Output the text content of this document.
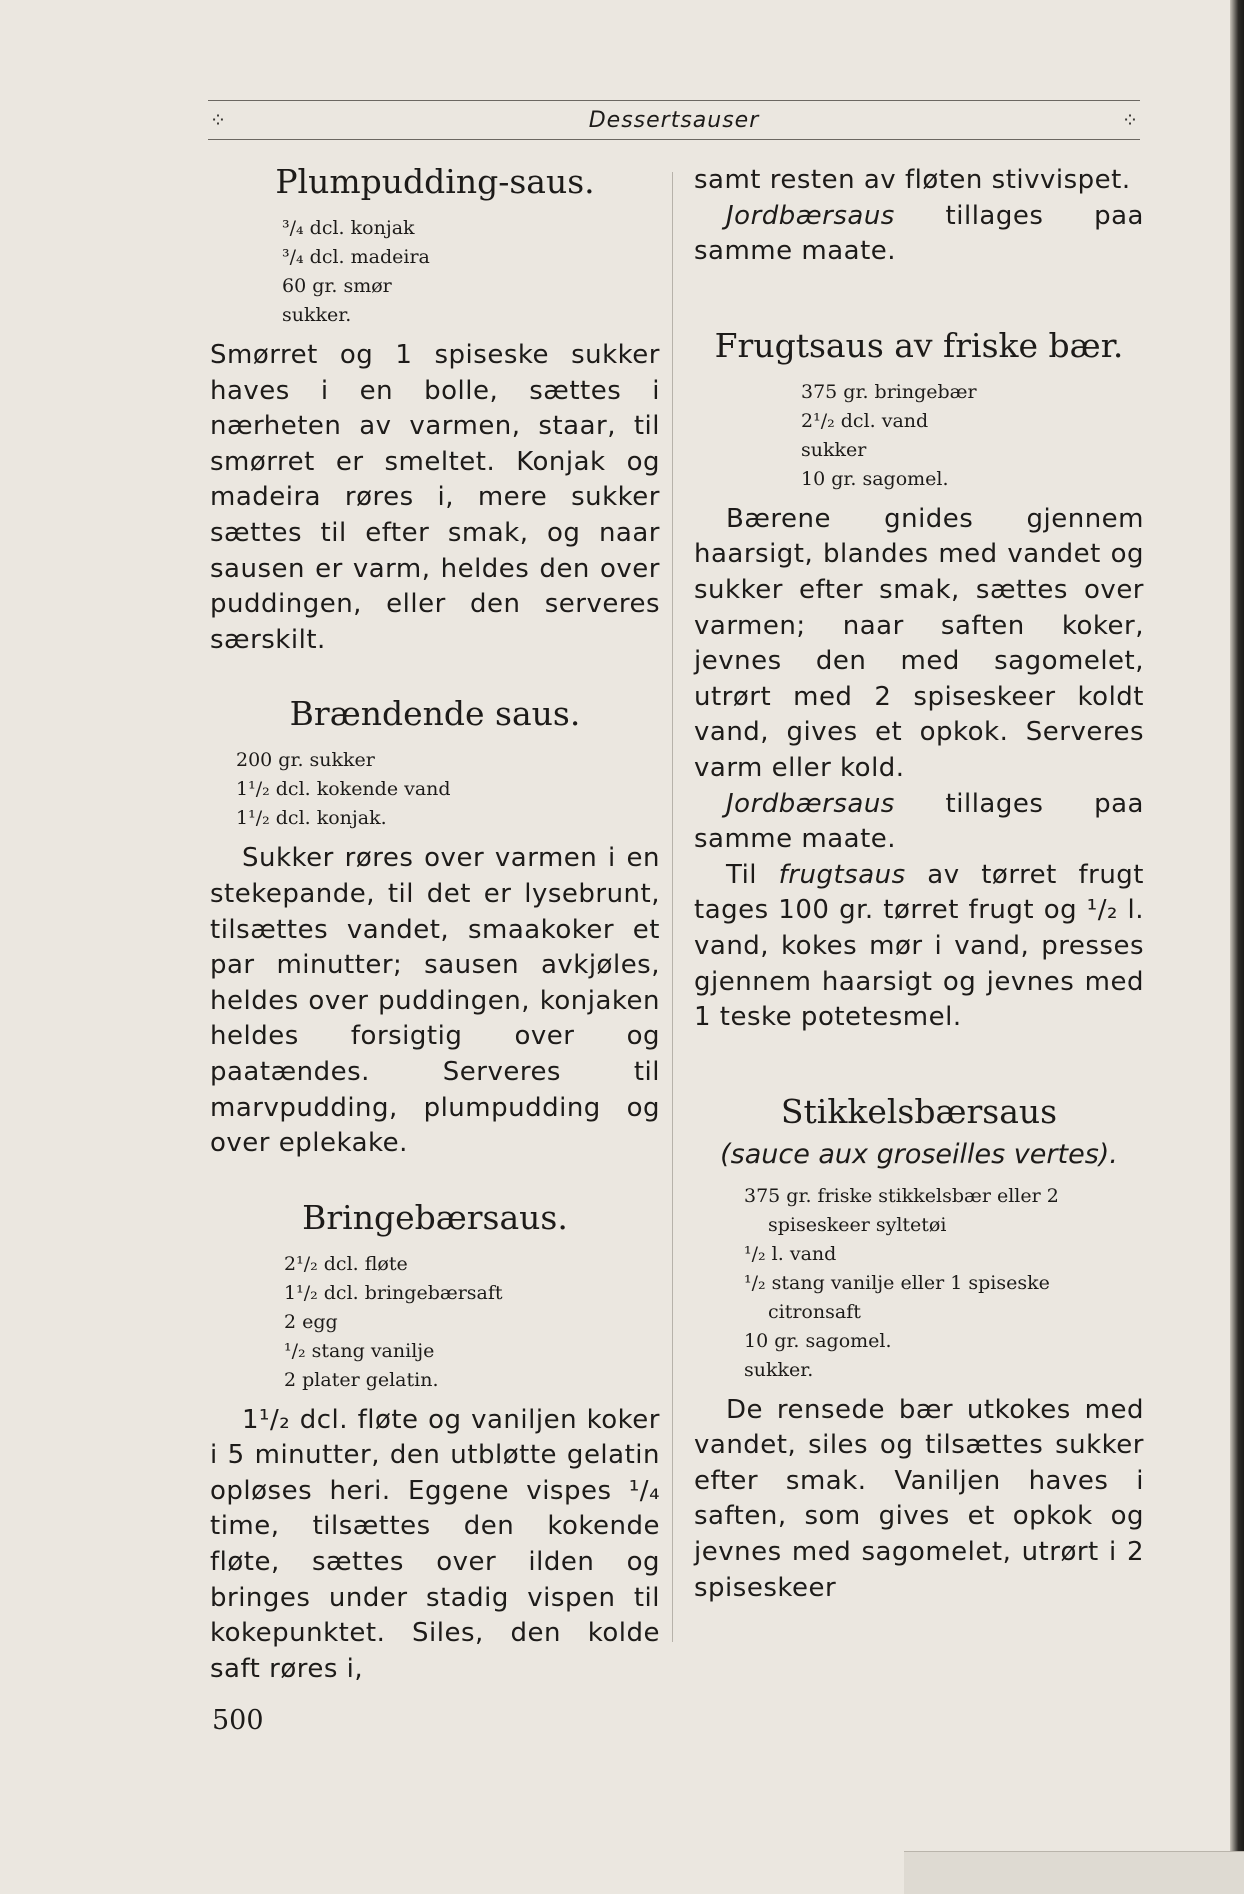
⁘	Dessertsauser	⁘
Plumpudding-saus.
³/₄ dcl. konjak
³/₄ dcl. madeira
60 gr. smør
sukker.

Smørret og 1 spiseske sukker haves i en bolle, sættes i nærheten av varmen, staar, til smørret er smeltet. Konjak og madeira røres i, mere sukker sættes til efter smak, og naar sausen er varm, heldes den over puddingen, eller den serveres særskilt.

Brændende saus.
200 gr. sukker
1¹/₂ dcl. kokende vand
1¹/₂ dcl. konjak.

Sukker røres over varmen i en stekepande, til det er lysebrunt, tilsættes vandet, smaakoker et par minutter; sausen avkjøles, heldes over puddingen, konjaken heldes forsigtig over og paatændes. Serveres til marvpudding, plumpudding og over eplekake.

Bringebærsaus.
2¹/₂ dcl. fløte
1¹/₂ dcl. bringebærsaft
2 egg
¹/₂ stang vanilje
2 plater gelatin.

1¹/₂ dcl. fløte og vaniljen koker i 5 minutter, den utbløtte gelatin opløses heri. Eggene vispes ¹/₄ time, tilsættes den kokende fløte, sættes over ilden og bringes under stadig vispen til kokepunktet. Siles, den kolde saft røres i,

samt resten av fløten stivvispet.

Jordbærsaus tillages paa samme maate.

Frugtsaus av friske bær.
375 gr. bringebær
2¹/₂ dcl. vand
sukker
10 gr. sagomel.

Bærene gnides gjennem haarsigt, blandes med vandet og sukker efter smak, sættes over varmen; naar saften koker, jevnes den med sagomelet, utrørt med 2 spiseskeer koldt vand, gives et opkok. Serveres varm eller kold.

Jordbærsaus tillages paa samme maate.

Til frugtsaus av tørret frugt tages 100 gr. tørret frugt og ¹/₂ l. vand, kokes mør i vand, presses gjennem haarsigt og jevnes med 1 teske potetesmel.

Stikkelsbærsaus
(sauce aux groseilles vertes).
375 gr. friske stikkelsbær eller 2 spiseskeer syltetøi
¹/₂ l. vand
¹/₂ stang vanilje eller 1 spiseske citronsaft
10 gr. sagomel.
sukker.

De rensede bær utkokes med vandet, siles og tilsættes sukker efter smak. Vaniljen haves i saften, som gives et opkok og jevnes med sagomelet, utrørt i 2 spiseskeer

500
